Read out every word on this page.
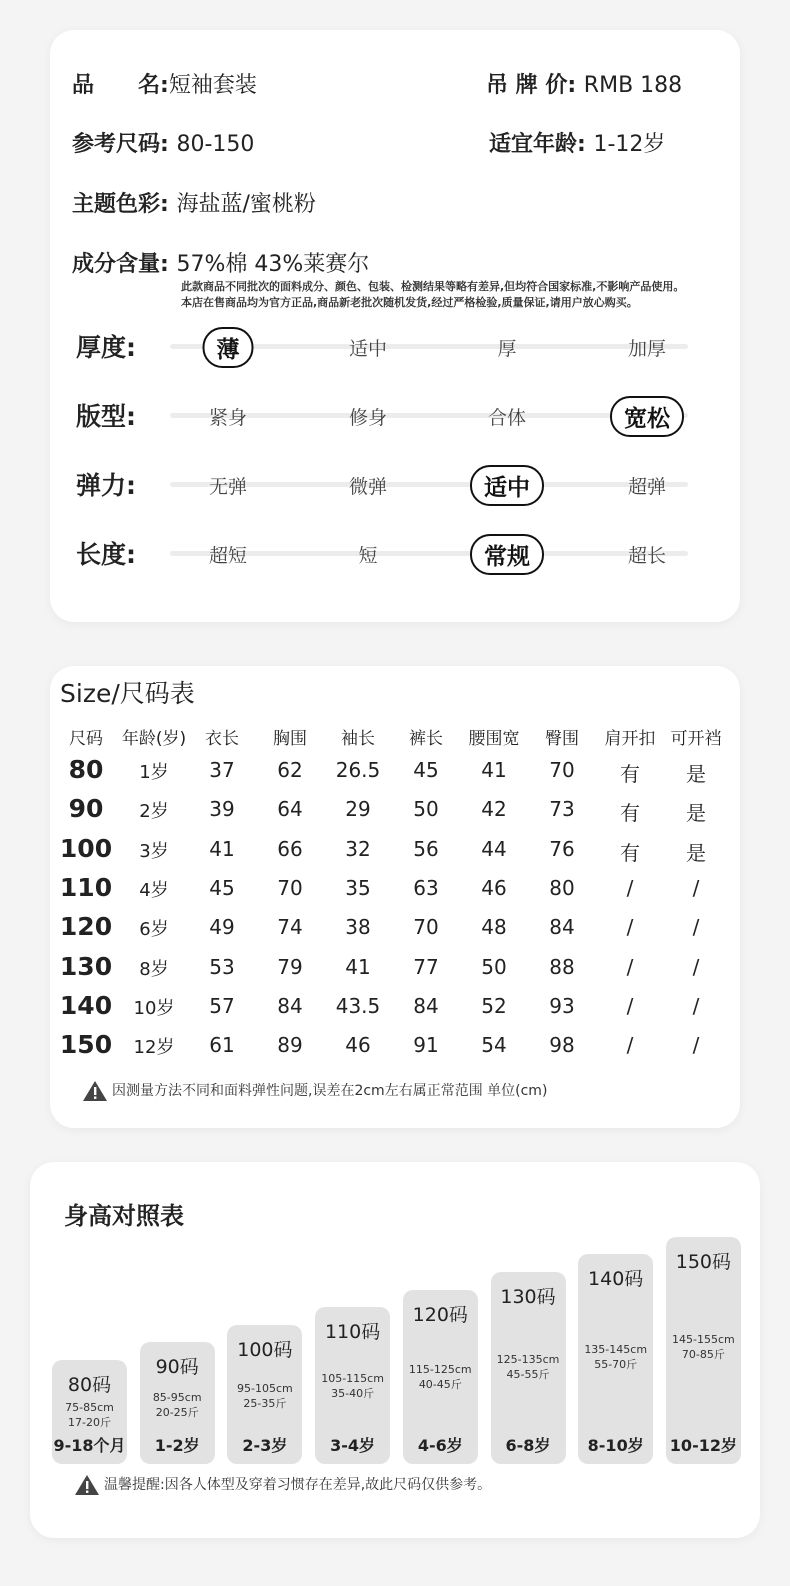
品　　名:短袖套装	吊 牌 价: RMB 188
参考尺码: 80-150	适宜年龄: 1-12岁
主题色彩: 海盐蓝/蜜桃粉
成分含量: 57%棉 43%莱赛尔
此款商品不同批次的面料成分、颜色、包装、检测结果等略有差异,但均符合国家标准,不影响产品使用。
本店在售商品均为官方正品,商品新老批次随机发货,经过严格检验,质量保证,请用户放心购买。
厚度:	薄	适中	厚	加厚
版型:	紧身	修身	合体	宽松
弹力:	无弹	微弹	适中	超弹
长度:	超短	短	常规	超长
Size/尺码表
尺码	年龄(岁)	衣长	胸围	袖长	裤长	腰围宽	臀围	肩开扣 可开裆
80	1岁	37	62	26.5	45	41	70	有	是
90	2岁	39	64	29	50	42	73	有	是
100	3岁	41	66	32	56	44	76	有	是
110	4岁	45	70	35	63	46	80	/	/
120	6岁	49	74	38	70	48	84	/	/
130	8岁	53	79	41	77	50	88	/	/
140	10岁	57	84	43.5	84	52	93	/	/
150	12岁	61	89	46	91	54	98	/	/
因测量方法不同和面料弹性问题,误差在2cm左右属正常范围 单位(cm)
身高对照表
80码
75-85cm
17-20斤
9-18个月
90码
85-95cm
20-25斤
1-2岁
100码
95-105cm
25-35斤
2-3岁
110码
105-115cm
35-40斤
3-4岁
120码
115-125cm
40-45斤
4-6岁
130码
125-135cm
45-55斤
6-8岁
140码
135-145cm
55-70斤
8-10岁
150码
145-155cm
70-85斤
10-12岁
温馨提醒:因各人体型及穿着习惯存在差异,故此尺码仅供参考。
